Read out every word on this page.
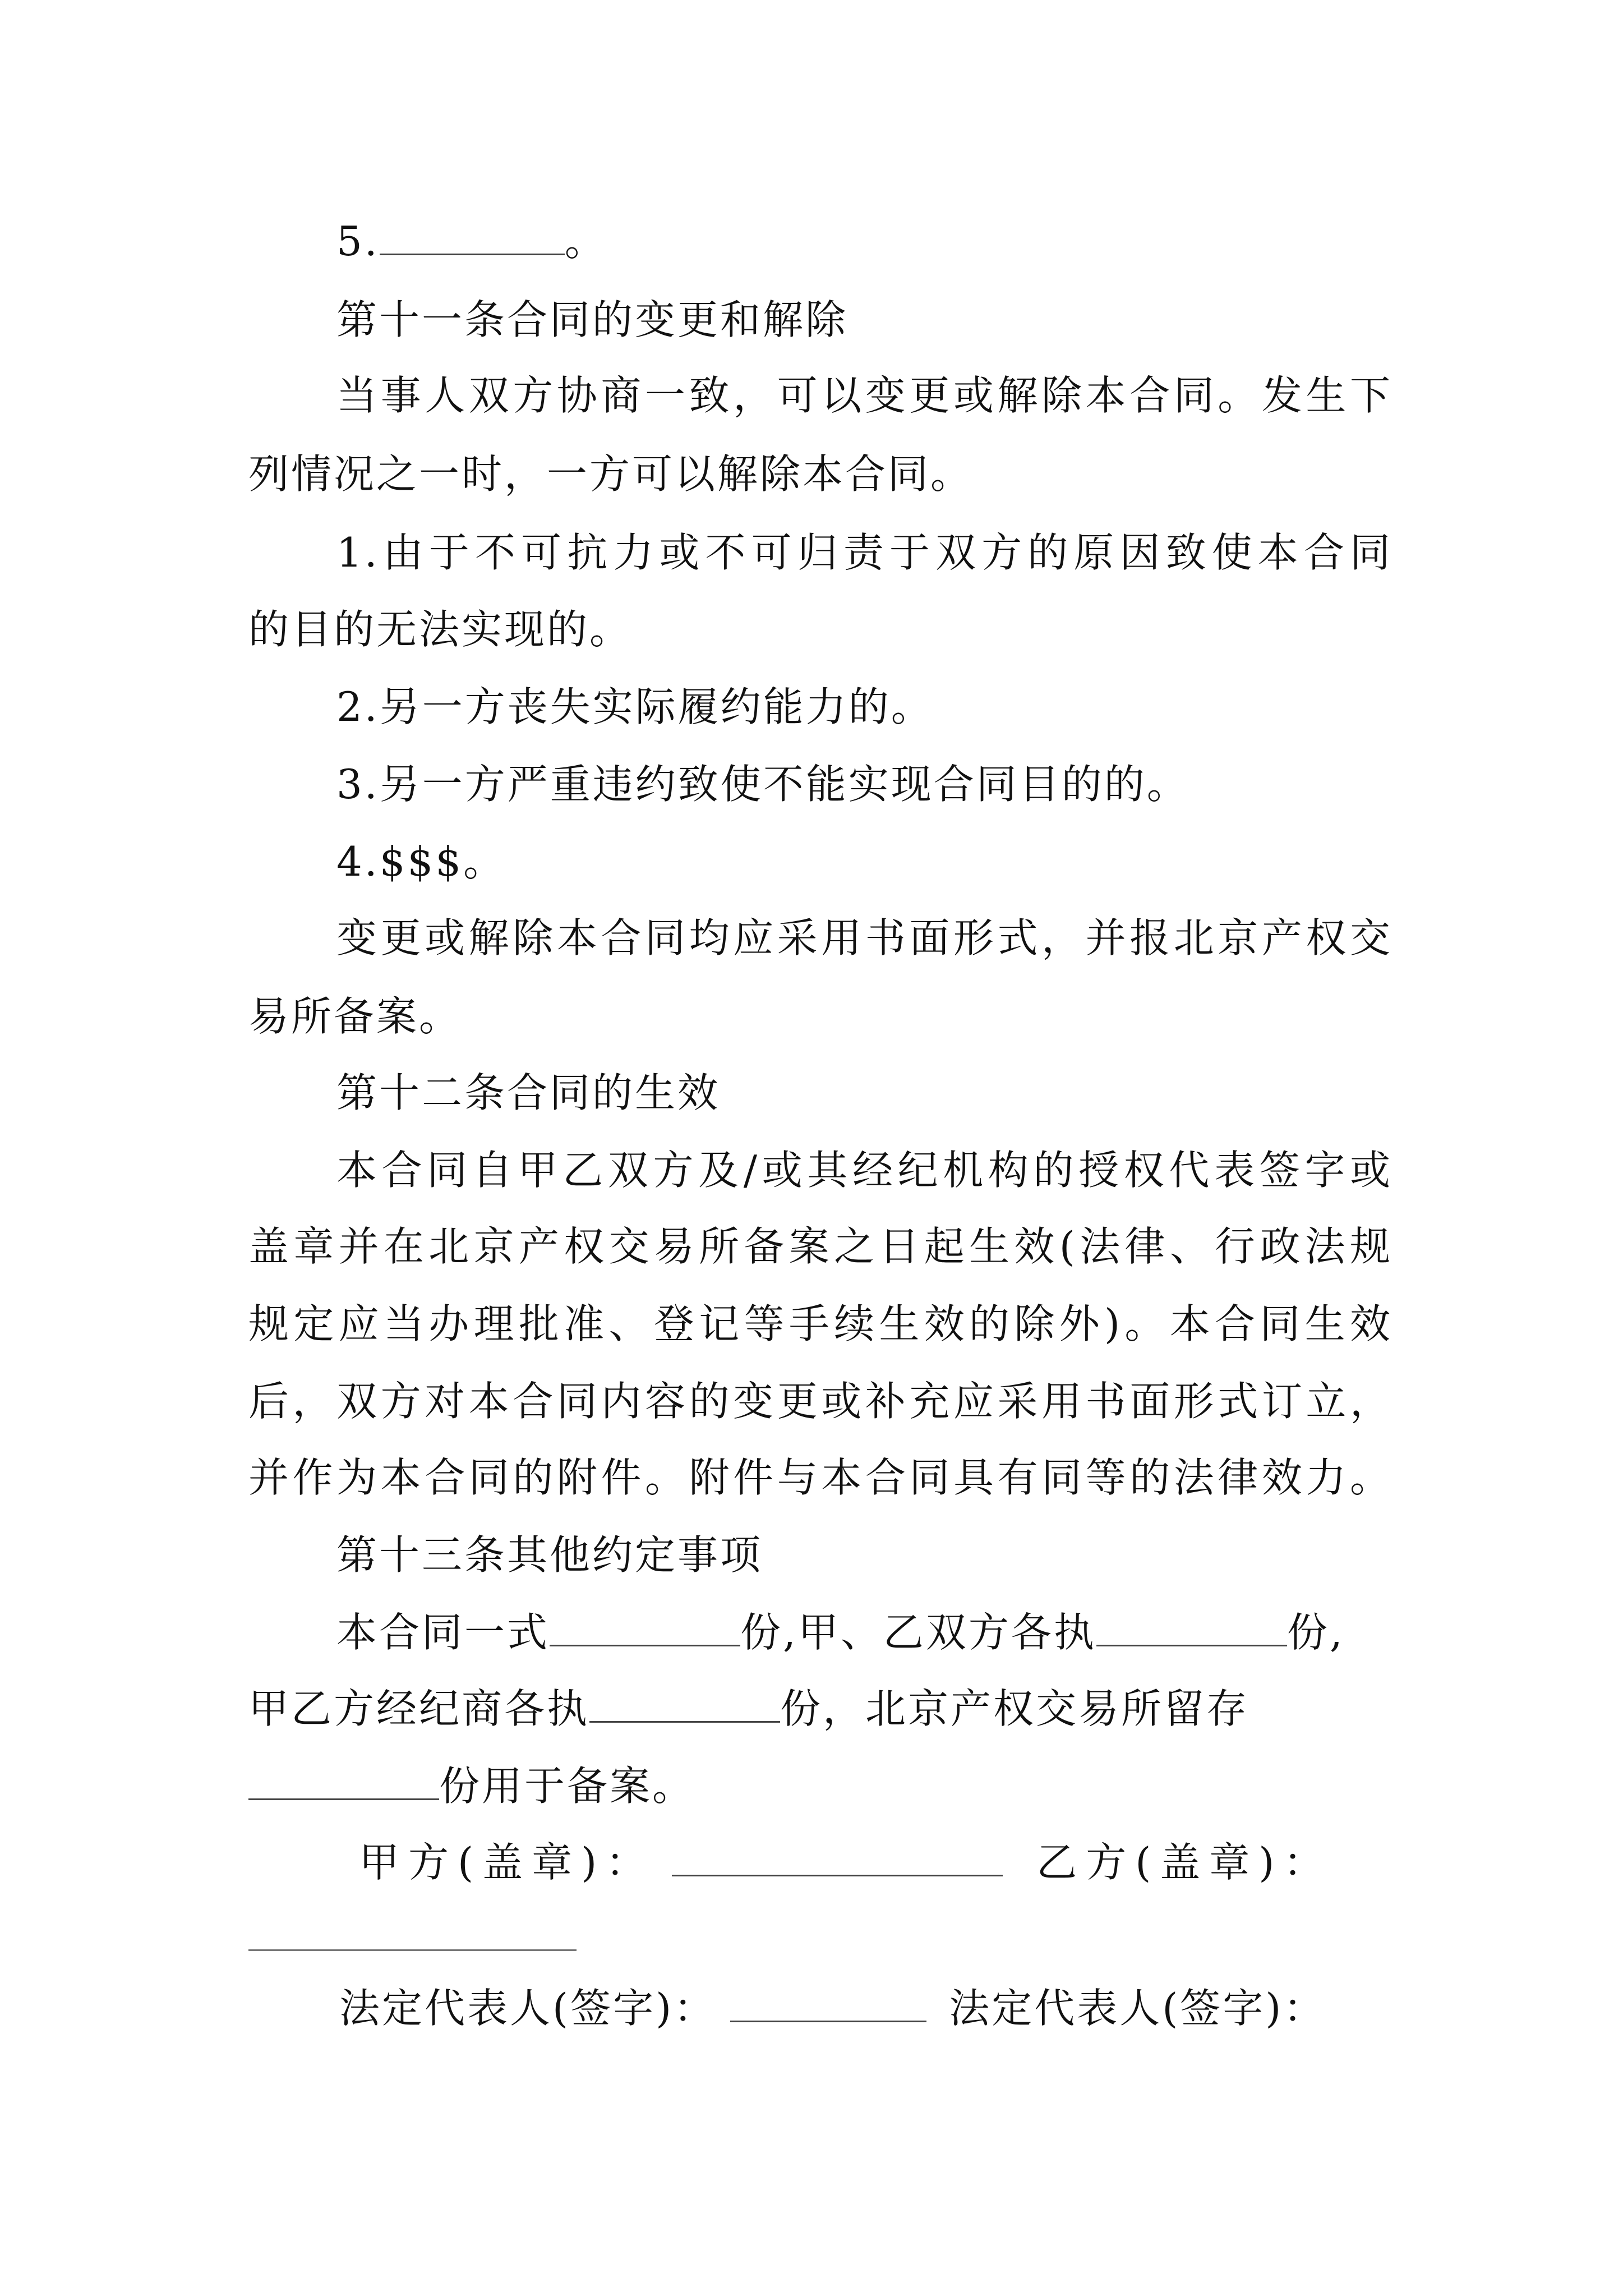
5.	。
第十一条合同的变更和解除
当事人双方协商一致，可以变更或解除本合同。发生下
列情况之一时，一方可以解除本合同。
1.由于不可抗力或不可归责于双方的原因致使本合同
的目的无法实现的。
2.另一方丧失实际履约能力的。
3.另一方严重违约致使不能实现合同目的的。
4.$$$。
变更或解除本合同均应采用书面形式，并报北京产权交
易所备案。
第十二条合同的生效
本合同自甲乙双方及/或其经纪机构的授权代表签字或
盖章并在北京产权交易所备案之日起生效(法律、行政法规
规定应当办理批准、登记等手续生效的除外)。本合同生效
后，双方对本合同内容的变更或补充应采用书面形式订立，
并作为本合同的附件。附件与本合同具有同等的法律效力。
第十三条其他约定事项
本合同一式	份,甲、乙双方各执	份,
甲乙方经纪商各执	份，北京产权交易所留存
份用于备案。
甲方(盖章)：	乙方(盖章)：
法定代表人(签字)：	法定代表人(签字)：
